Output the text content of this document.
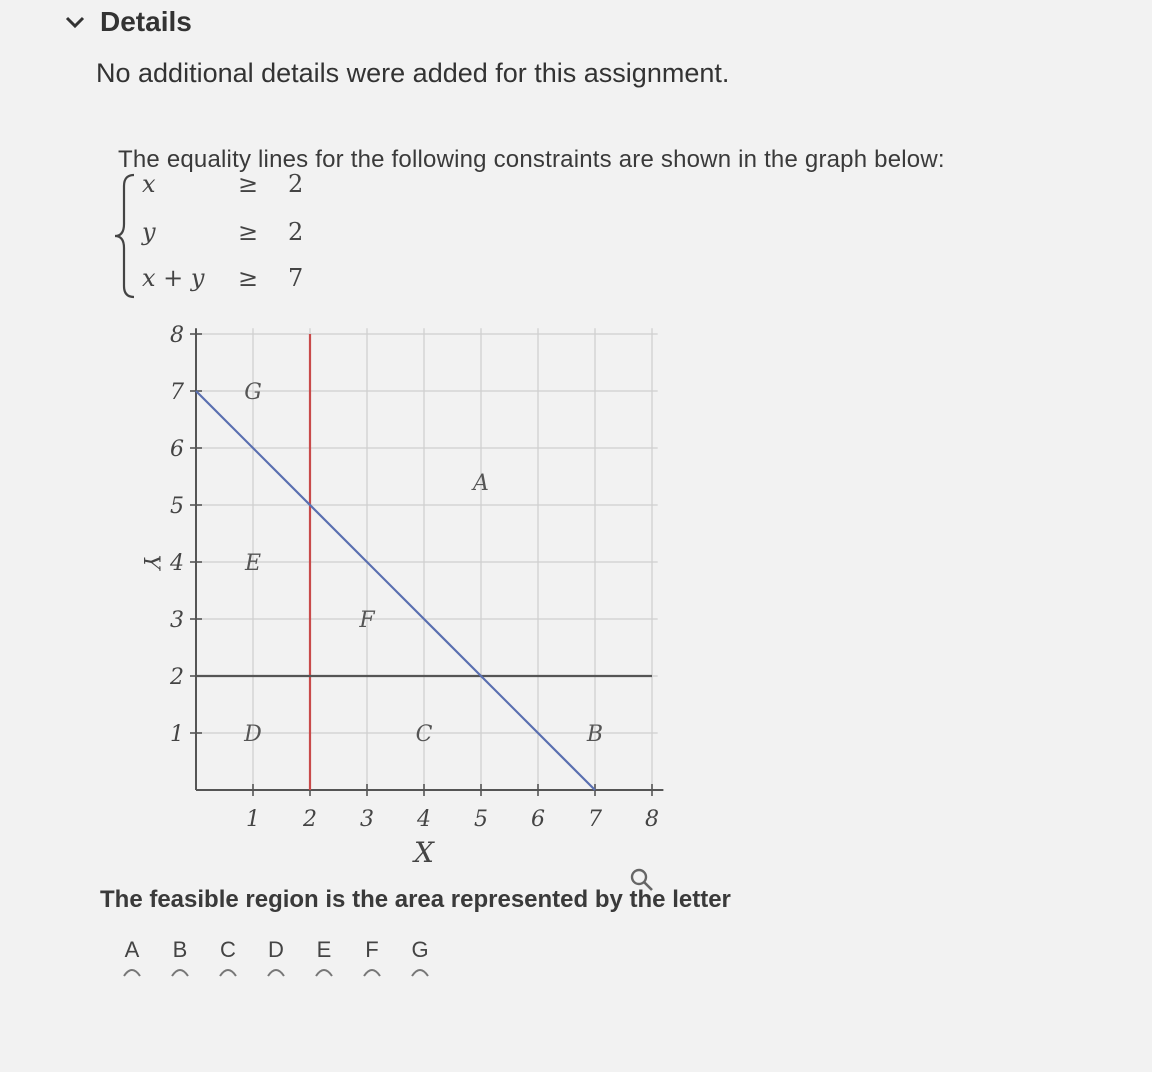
Details
No additional details were added for this assignment.
The equality lines for the following constraints are shown in the graph below:
x	≥ 2
y	≥ 2
x + y ≥ 7
1 2 3 4 5 6 7 8
1
2
3
4
5
6
7
8
A
B
C
D
E
F
G
X
Y
The feasible region is the area represented by the letter
A B C D E F G
